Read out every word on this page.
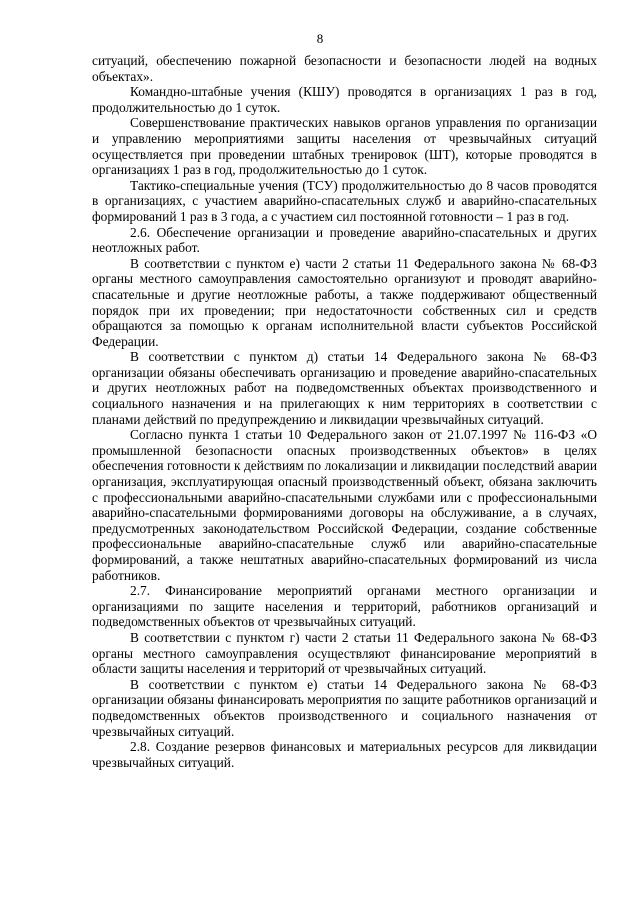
8

ситуаций, обеспечению пожарной безопасности и безопасности людей на водных объектах».

Командно-штабные учения (КШУ) проводятся в организациях 1 раз в год, продолжительностью до 1 суток.

Совершенствование практических навыков органов управления по организации и управлению мероприятиями защиты населения от чрезвычайных ситуаций осуществляется при проведении штабных тренировок (ШТ), которые проводятся в организациях 1 раз в год, продолжительностью до 1 суток.

Тактико-специальные учения (ТСУ) продолжительностью до 8 часов проводятся в организациях, с участием аварийно-спасательных служб и аварийно-спасательных формирований 1 раз в 3 года, а с участием сил постоянной готовности – 1 раз в год.

2.6. Обеспечение организации и проведение аварийно-спасательных и других неотложных работ.

В соответствии с пунктом е) части 2 статьи 11 Федерального закона № 68-ФЗ органы местного самоуправления самостоятельно организуют и проводят аварийно-спасательные и другие неотложные работы, а также поддерживают общественный порядок при их проведении; при недостаточности собственных сил и средств обращаются за помощью к органам исполнительной власти субъектов Российской Федерации.

В соответствии с пунктом д) статьи 14 Федерального закона № 68-ФЗ организации обязаны обеспечивать организацию и проведение аварийно-спасательных и других неотложных работ на подведомственных объектах производственного и социального назначения и на прилегающих к ним территориях в соответствии с планами действий по предупреждению и ликвидации чрезвычайных ситуаций.

Согласно пункта 1 статьи 10 Федерального закон от 21.07.1997 № 116-ФЗ «О промышленной безопасности опасных производственных объектов» в целях обеспечения готовности к действиям по локализации и ликвидации последствий аварии организация, эксплуатирующая опасный производственный объект, обязана заключить с профессиональными аварийно-спасательными службами или с профессиональными аварийно-спасательными формированиями договоры на обслуживание, а в случаях, предусмотренных законодательством Российской Федерации, создание собственные профессиональные аварийно-спасательные служб или аварийно-спасательные формирований, а также нештатных аварийно-спасательных формирований из числа работников.

2.7. Финансирование мероприятий органами местного организации и организациями по защите населения и территорий, работников организаций и подведомственных объектов от чрезвычайных ситуаций.

В соответствии с пунктом г) части 2 статьи 11 Федерального закона № 68-ФЗ органы местного самоуправления осуществляют финансирование мероприятий в области защиты населения и территорий от чрезвычайных ситуаций.

В соответствии с пунктом е) статьи 14 Федерального закона № 68-ФЗ организации обязаны финансировать мероприятия по защите работников организаций и подведомственных объектов производственного и социального назначения от чрезвычайных ситуаций.

2.8. Создание резервов финансовых и материальных ресурсов для ликвидации чрезвычайных ситуаций.
